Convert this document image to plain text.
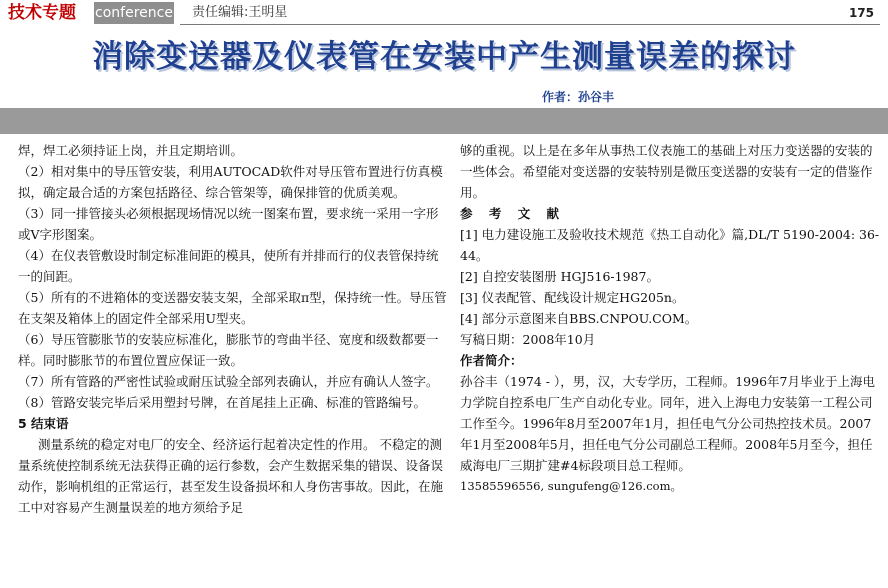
技术专题 conference 责任编辑:王明星	175
消除变送器及仪表管在安装中产生测量误差的探讨
作者：孙谷丰

焊，焊工必须持证上岗，并且定期培训。

（2）相对集中的导压管安装，利用AUTOCAD软件对导压管布置进行仿真模拟，确定最合适的方案包括路径、综合管架等，确保排管的优质美观。

（3）同一排管接头必须根据现场情况以统一图案布置，要求统一采用一字形或V字形图案。

（4）在仪表管敷设时制定标准间距的模具，使所有并排而行的仪表管保持统一的间距。

（5）所有的不进箱体的变送器安装支架，全部采取π型，保持统一性。导压管在支架及箱体上的固定件全部采用U型夹。

（6）导压管膨胀节的安装应标准化，膨胀节的弯曲半径、宽度和级数都要一样。同时膨胀节的布置位置应保证一致。

（7）所有管路的严密性试验或耐压试验全部列表确认，并应有确认人签字。

（8）管路安装完毕后采用塑封号牌，在首尾挂上正确、标准的管路编号。

5 结束语

测量系统的稳定对电厂的安全、经济运行起着决定性的作用。 不稳定的测量系统使控制系统无法获得正确的运行参数，会产生数据采集的错误、设备误动作，影响机组的正常运行，甚至发生设备损坏和人身伤害事故。因此，在施工中对容易产生测量误差的地方须给予足

够的重视。以上是在多年从事热工仪表施工的基础上对压力变送器的安装的一些体会。希望能对变送器的安装特别是微压变送器的安装有一定的借鉴作用。

参 考 文 献

[1] 电力建设施工及验收技术规范《热工自动化》篇,DL/T 5190-2004: 36-44。

[2] 自控安装图册 HGJ516-1987。

[3] 仪表配管、配线设计规定HG205n。

[4] 部分示意图来自BBS.CNPOU.COM。

写稿日期：2008年10月

作者简介：

孙谷丰（1974 - ），男，汉，大专学历，工程师。1996年7月毕业于上海电力学院自控系电厂生产自动化专业。同年，进入上海电力安装第一工程公司工作至今。1996年8月至2007年1月，担任电气分公司热控技术员。2007年1月至2008年5月，担任电气分公司副总工程师。2008年5月至今，担任威海电厂三期扩建#4标段项目总工程师。

13585596556, sungufeng@126.com。
